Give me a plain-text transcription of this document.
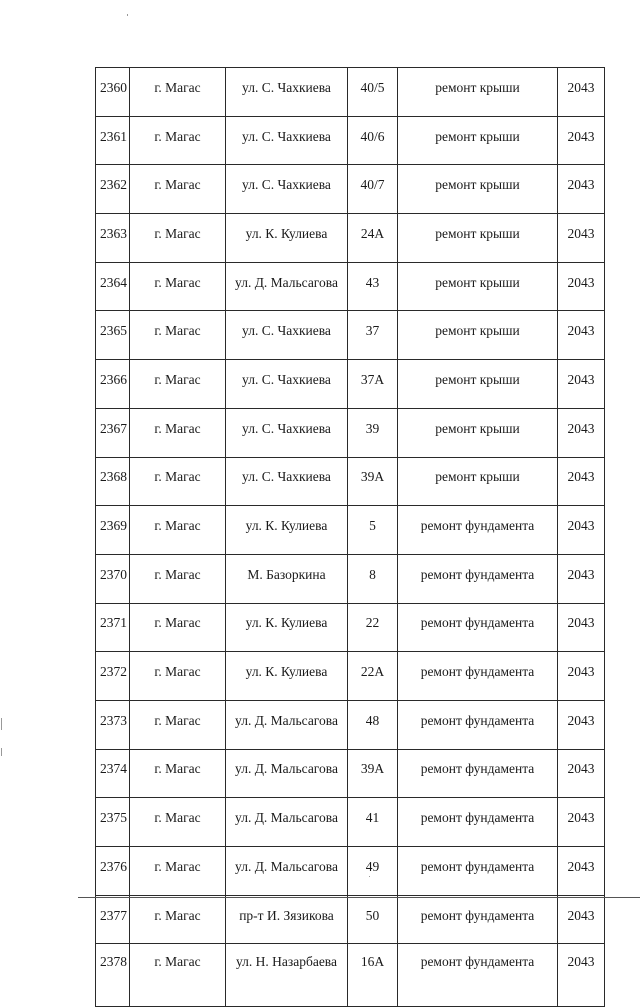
2360	г. Магас	ул. С. Чахкиева	40/5	ремонт крыши	2043
2361	г. Магас	ул. С. Чахкиева	40/6	ремонт крыши	2043
2362	г. Магас	ул. С. Чахкиева	40/7	ремонт крыши	2043
2363	г. Магас	ул. К. Кулиева	24А	ремонт крыши	2043
2364	г. Магас	ул. Д. Мальсагова	43	ремонт крыши	2043
2365	г. Магас	ул. С. Чахкиева	37	ремонт крыши	2043
2366	г. Магас	ул. С. Чахкиева	37А	ремонт крыши	2043
2367	г. Магас	ул. С. Чахкиева	39	ремонт крыши	2043
2368	г. Магас	ул. С. Чахкиева	39А	ремонт крыши	2043
2369	г. Магас	ул. К. Кулиева	5	ремонт фундамента	2043
2370	г. Магас	М. Базоркина	8	ремонт фундамента	2043
2371	г. Магас	ул. К. Кулиева	22	ремонт фундамента	2043
2372	г. Магас	ул. К. Кулиева	22А	ремонт фундамента	2043
2373	г. Магас	ул. Д. Мальсагова	48	ремонт фундамента	2043
2374	г. Магас	ул. Д. Мальсагова	39А	ремонт фундамента	2043
2375	г. Магас	ул. Д. Мальсагова	41	ремонт фундамента	2043
2376	г. Магас	ул. Д. Мальсагова	49	ремонт фундамента	2043
2377	г. Магас	пр-т И. Зязикова	50	ремонт фундамента	2043
2378	г. Магас	ул. Н. Назарбаева	16А	ремонт фундамента	2043
